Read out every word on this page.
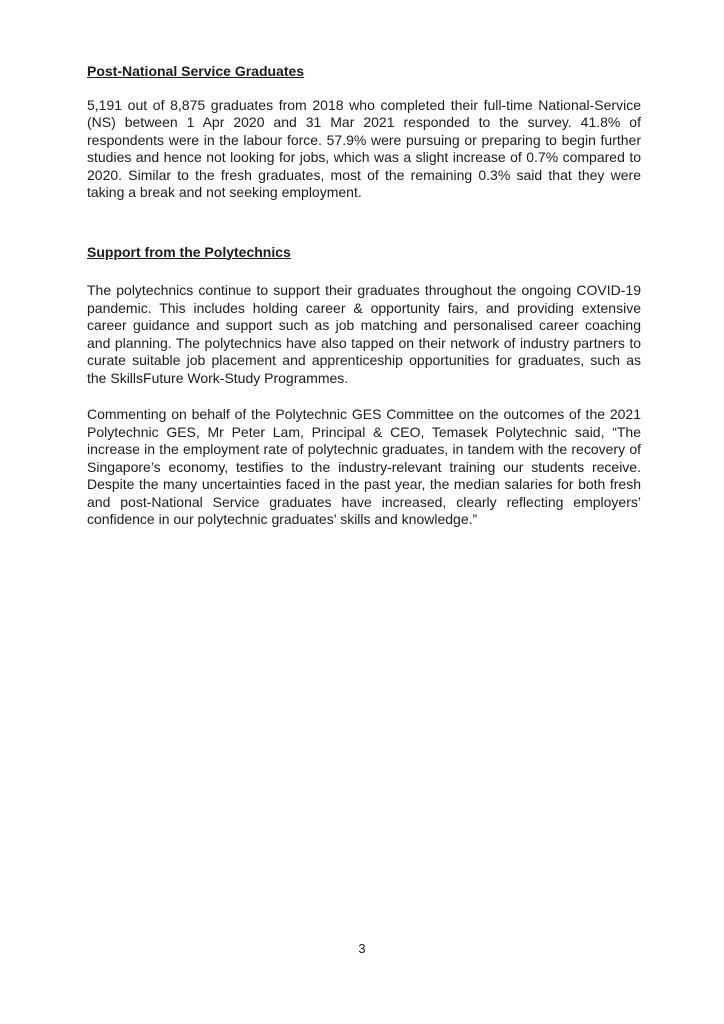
Post-National Service Graduates

5,191 out of 8,875 graduates from 2018 who completed their full-time National-Service (NS) between 1 Apr 2020 and 31 Mar 2021 responded to the survey. 41.8% of respondents were in the labour force. 57.9% were pursuing or preparing to begin further studies and hence not looking for jobs, which was a slight increase of 0.7% compared to 2020. Similar to the fresh graduates, most of the remaining 0.3% said that they were taking a break and not seeking employment.

Support from the Polytechnics

The polytechnics continue to support their graduates throughout the ongoing COVID-19 pandemic. This includes holding career & opportunity fairs, and providing extensive career guidance and support such as job matching and personalised career coaching and planning. The polytechnics have also tapped on their network of industry partners to curate suitable job placement and apprenticeship opportunities for graduates, such as the SkillsFuture Work-Study Programmes.

Commenting on behalf of the Polytechnic GES Committee on the outcomes of the 2021 Polytechnic GES, Mr Peter Lam, Principal & CEO, Temasek Polytechnic said, “The increase in the employment rate of polytechnic graduates, in tandem with the recovery of Singapore’s economy, testifies to the industry-relevant training our students receive. Despite the many uncertainties faced in the past year, the median salaries for both fresh and post-National Service graduates have increased, clearly reflecting employers’ confidence in our polytechnic graduates’ skills and knowledge.”

3
